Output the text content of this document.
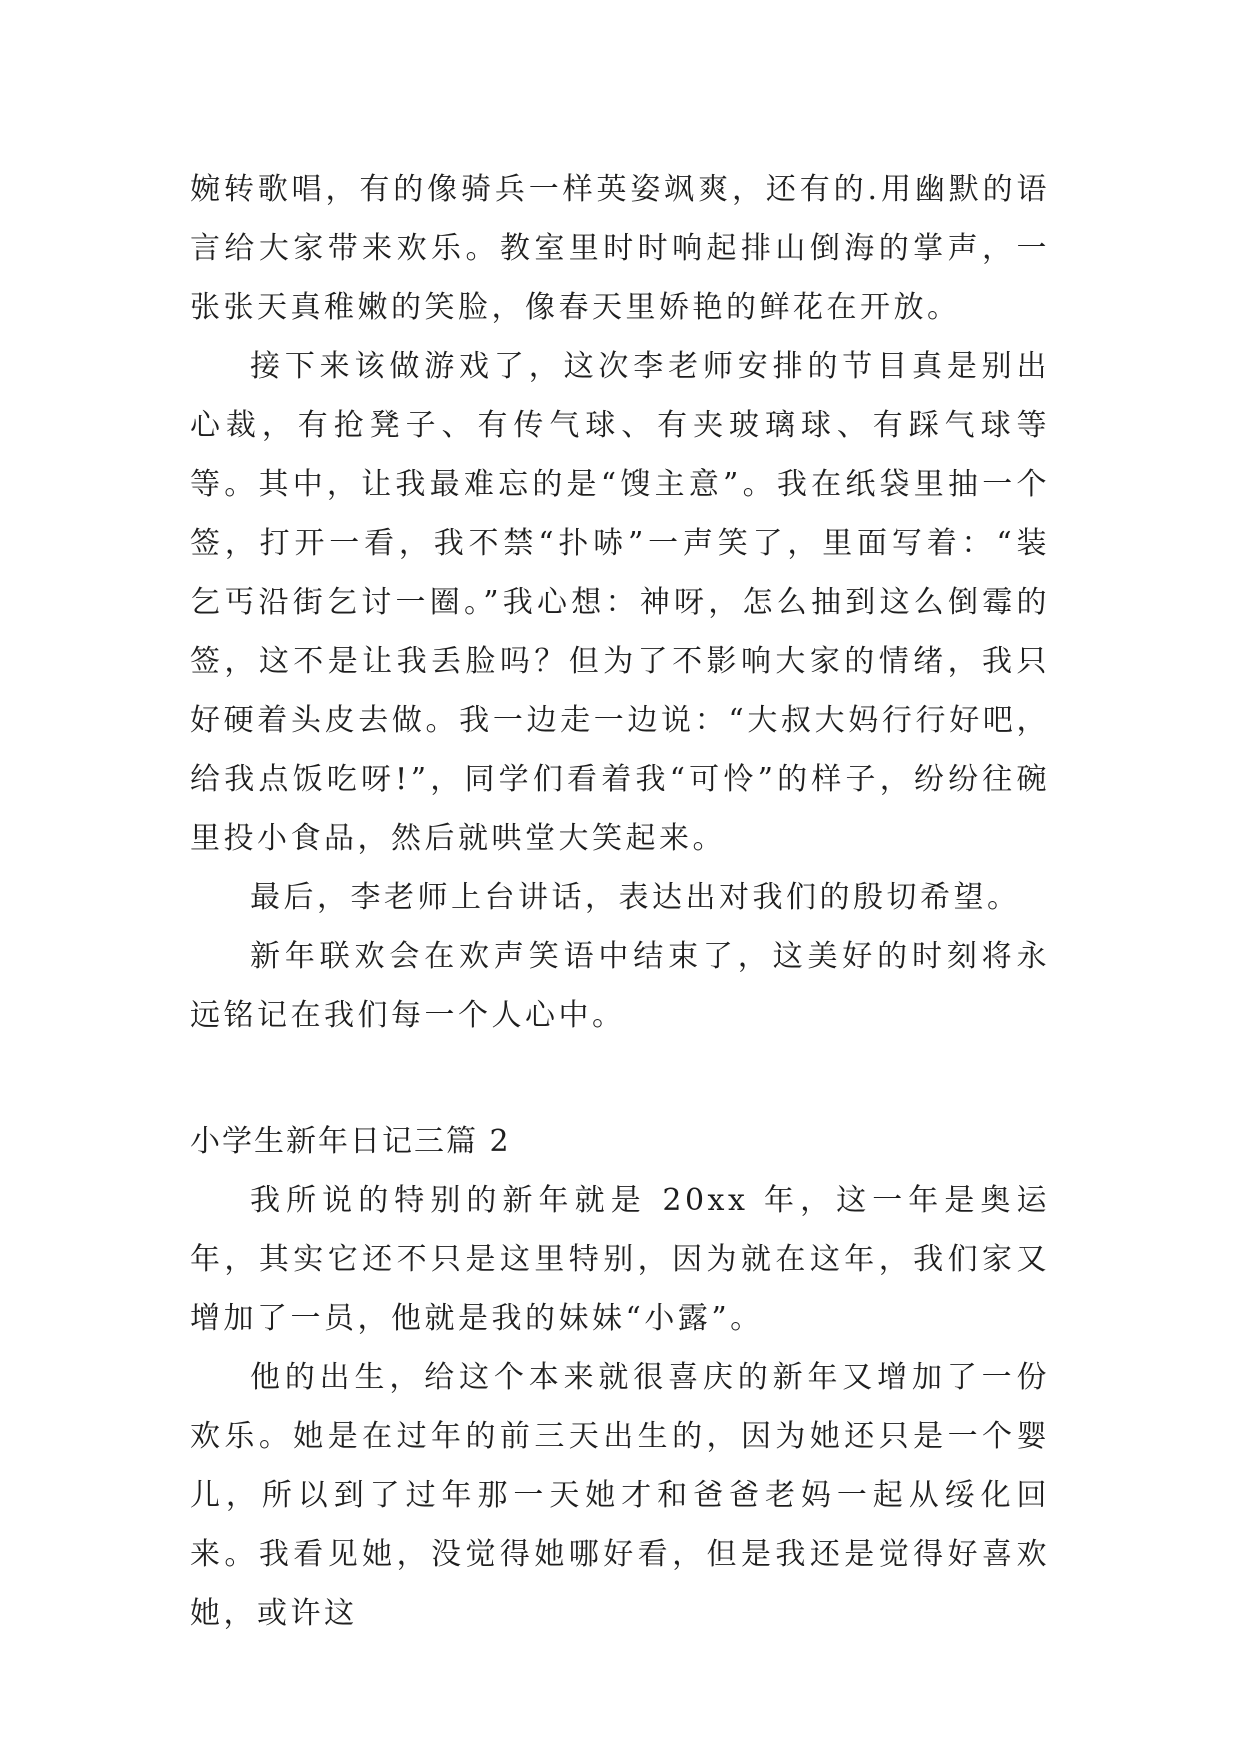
婉转歌唱，有的像骑兵一样英姿飒爽，还有的.用幽默的语言给大家带来欢乐。教室里时时响起排山倒海的掌声，一张张天真稚嫩的笑脸，像春天里娇艳的鲜花在开放。

接下来该做游戏了，这次李老师安排的节目真是别出心裁，有抢凳子、有传气球、有夹玻璃球、有踩气球等等。其中，让我最难忘的是“馊主意”。我在纸袋里抽一个签，打开一看，我不禁“扑哧”一声笑了，里面写着：“装乞丐沿街乞讨一圈。”我心想：神呀，怎么抽到这么倒霉的签，这不是让我丢脸吗？但为了不影响大家的情绪，我只好硬着头皮去做。我一边走一边说：“大叔大妈行行好吧，给我点饭吃呀!”，同学们看着我“可怜”的样子，纷纷往碗里投小食品，然后就哄堂大笑起来。

最后，李老师上台讲话，表达出对我们的殷切希望。

新年联欢会在欢声笑语中结束了，这美好的时刻将永远铭记在我们每一个人心中。

小学生新年日记三篇 2

我所说的特别的新年就是 20xx 年，这一年是奥运年，其实它还不只是这里特别，因为就在这年，我们家又增加了一员，他就是我的妹妹“小露”。

他的出生，给这个本来就很喜庆的新年又增加了一份欢乐。她是在过年的前三天出生的，因为她还只是一个婴儿，所以到了过年那一天她才和爸爸老妈一起从绥化回来。我看见她，没觉得她哪好看，但是我还是觉得好喜欢她，或许这
